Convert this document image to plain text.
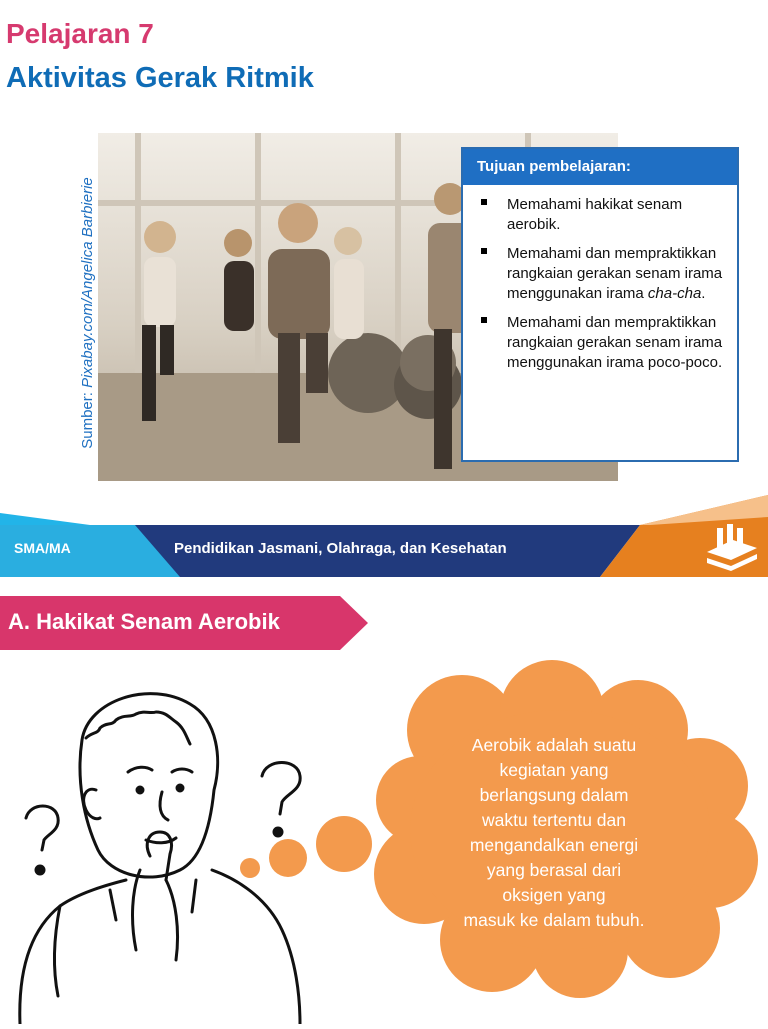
Pelajaran 7
Aktivitas Gerak Ritmik
Sumber: Pixabay.com/Angelica Barbierie
Tujuan pembelajaran:
Memahami hakikat senam aerobik.
Memahami dan mempraktikkan rangkaian gerakan senam irama menggunakan irama cha-cha.
Memahami dan mempraktikkan rangkaian gerakan senam irama menggunakan irama poco-poco.
SMA/MA	Pendidikan Jasmani, Olahraga, dan Kesehatan
A. Hakikat Senam Aerobik
Aerobik adalah suatu
kegiatan yang
berlangsung dalam
waktu tertentu dan
mengandalkan energi
yang berasal dari
oksigen yang
masuk ke dalam tubuh.
